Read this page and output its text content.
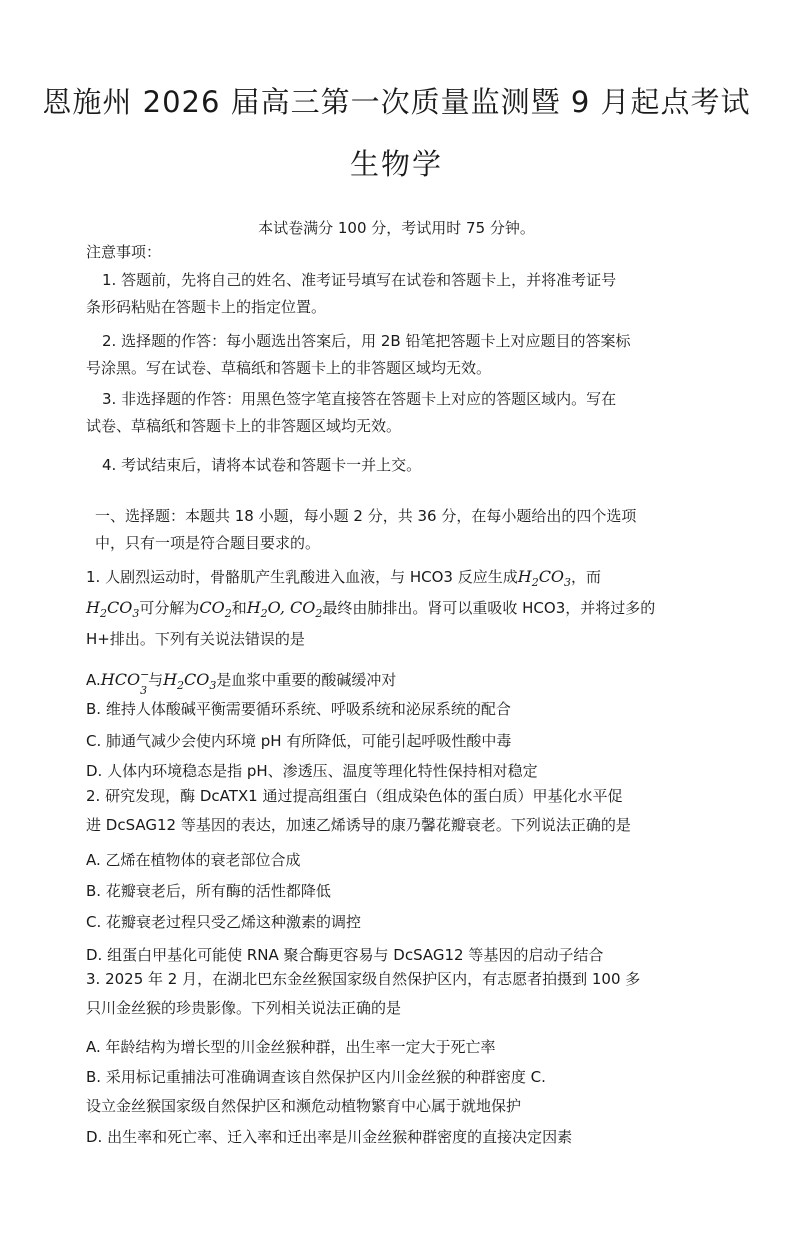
恩施州 2026 届高三第一次质量监测暨 9 月起点考试
生物学
本试卷满分 100 分，考试用时 75 分钟。
注意事项：
1. 答题前，先将自己的姓名、准考证号填写在试卷和答题卡上，并将准考证号
条形码粘贴在答题卡上的指定位置。
2. 选择题的作答：每小题选出答案后，用 2B 铅笔把答题卡上对应题目的答案标
号涂黑。写在试卷、草稿纸和答题卡上的非答题区域均无效。
3. 非选择题的作答：用黑色签字笔直接答在答题卡上对应的答题区域内。写在
试卷、草稿纸和答题卡上的非答题区域均无效。
4. 考试结束后，请将本试卷和答题卡一并上交。
一、选择题：本题共 18 小题，每小题 2 分，共 36 分，在每小题给出的四个选项
中，只有一项是符合题目要求的。
1. 人剧烈运动时，骨骼肌产生乳酸进入血液，与 HCO3 反应生成$H_2CO_3$，而
$H_2CO_3$可分解为$CO_2$和$H_2O$, $CO_2$最终由肺排出。肾可以重吸收 HCO3，并将过多的
H+排出。下列有关说法错误的是
A.HCO −
3
与$H_2CO_3$是血浆中重要的酸碱缓冲对
B. 维持人体酸碱平衡需要循环系统、呼吸系统和泌尿系统的配合
C. 肺通气减少会使内环境 pH 有所降低，可能引起呼吸性酸中毒
D. 人体内环境稳态是指 pH、渗透压、温度等理化特性保持相对稳定
2. 研究发现，酶 DcATX1 通过提高组蛋白（组成染色体的蛋白质）甲基化水平促
进 DcSAG12 等基因的表达，加速乙烯诱导的康乃馨花瓣衰老。下列说法正确的是
A. 乙烯在植物体的衰老部位合成
B. 花瓣衰老后，所有酶的活性都降低
C. 花瓣衰老过程只受乙烯这种激素的调控
D. 组蛋白甲基化可能使 RNA 聚合酶更容易与 DcSAG12 等基因的启动子结合
3. 2025 年 2 月，在湖北巴东金丝猴国家级自然保护区内，有志愿者拍摄到 100 多
只川金丝猴的珍贵影像。下列相关说法正确的是
A. 年龄结构为增长型的川金丝猴种群，出生率一定大于死亡率
B. 采用标记重捕法可准确调查该自然保护区内川金丝猴的种群密度 C.
设立金丝猴国家级自然保护区和濒危动植物繁育中心属于就地保护
D. 出生率和死亡率、迁入率和迁出率是川金丝猴种群密度的直接决定因素
